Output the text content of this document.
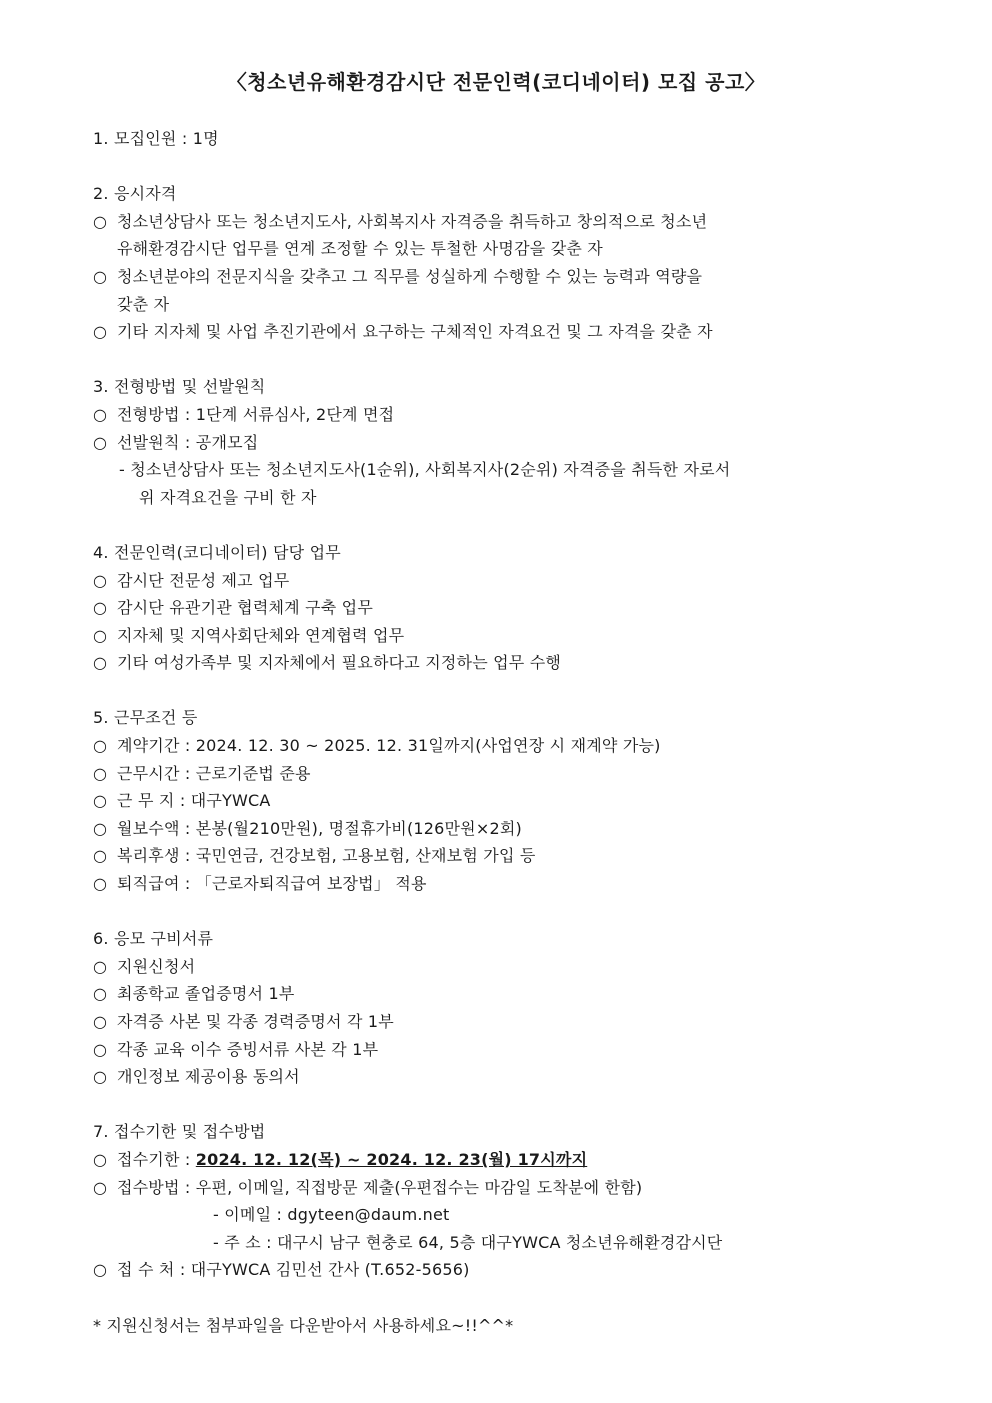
〈청소년유해환경감시단 전문인력(코디네이터) 모집 공고〉
1. 모집인원 : 1명
2. 응시자격
○ 청소년상담사 또는 청소년지도사, 사회복지사 자격증을 취득하고 창의적으로 청소년
유해환경감시단 업무를 연계 조정할 수 있는 투철한 사명감을 갖춘 자
○ 청소년분야의 전문지식을 갖추고 그 직무를 성실하게 수행할 수 있는 능력과 역량을
갖춘 자
○ 기타 지자체 및 사업 추진기관에서 요구하는 구체적인 자격요건 및 그 자격을 갖춘 자
3. 전형방법 및 선발원칙
○ 전형방법 : 1단계 서류심사, 2단계 면접
○ 선발원칙 : 공개모집
- 청소년상담사 또는 청소년지도사(1순위), 사회복지사(2순위) 자격증을 취득한 자로서
위 자격요건을 구비 한 자
4. 전문인력(코디네이터) 담당 업무
○ 감시단 전문성 제고 업무
○ 감시단 유관기관 협력체계 구축 업무
○ 지자체 및 지역사회단체와 연계협력 업무
○ 기타 여성가족부 및 지자체에서 필요하다고 지정하는 업무 수행
5. 근무조건 등
○ 계약기간 : 2024. 12. 30 ~ 2025. 12. 31일까지(사업연장 시 재계약 가능)
○ 근무시간 : 근로기준법 준용
○ 근 무 지 : 대구YWCA
○ 월보수액 : 본봉(월210만원), 명절휴가비(126만원×2회)
○ 복리후생 : 국민연금, 건강보험, 고용보험, 산재보험 가입 등
○ 퇴직급여 : 「근로자퇴직급여 보장법」 적용
6. 응모 구비서류
○ 지원신청서
○ 최종학교 졸업증명서 1부
○ 자격증 사본 및 각종 경력증명서 각 1부
○ 각종 교육 이수 증빙서류 사본 각 1부
○ 개인정보 제공이용 동의서
7. 접수기한 및 접수방법
○ 접수기한 : 2024. 12. 12(목) ~ 2024. 12. 23(월) 17시까지
○ 접수방법 : 우편, 이메일, 직접방문 제출(우편접수는 마감일 도착분에 한함)
- 이메일 : dgyteen@daum.net
- 주 소 : 대구시 남구 현충로 64, 5층 대구YWCA 청소년유해환경감시단
○ 접 수 처 : 대구YWCA 김민선 간사 (T.652-5656)
* 지원신청서는 첨부파일을 다운받아서 사용하세요~!!^^*
